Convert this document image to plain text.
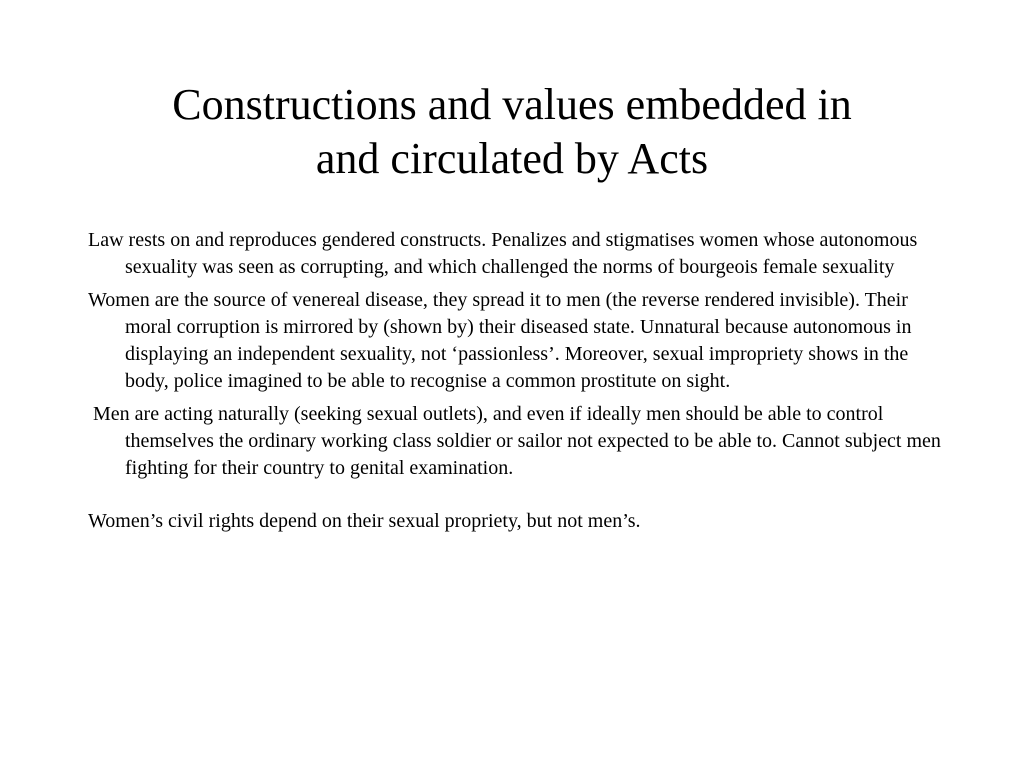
Constructions and values embedded in
and circulated by Acts

Law rests on and reproduces gendered constructs. Penalizes and stigmatises women whose autonomous sexuality was seen as corrupting, and which challenged the norms of bourgeois female sexuality

Women are the source of venereal disease, they spread it to men (the reverse rendered invisible). Their moral corruption is mirrored by (shown by) their diseased state. Unnatural because autonomous in displaying an independent sexuality, not ‘passionless’. Moreover, sexual impropriety shows in the body, police imagined to be able to recognise a common prostitute on sight.

Men are acting naturally (seeking sexual outlets), and even if ideally men should be able to control themselves the ordinary working class soldier or sailor not expected to be able to. Cannot subject men fighting for their country to genital examination.

Women’s civil rights depend on their sexual propriety, but not men’s.
